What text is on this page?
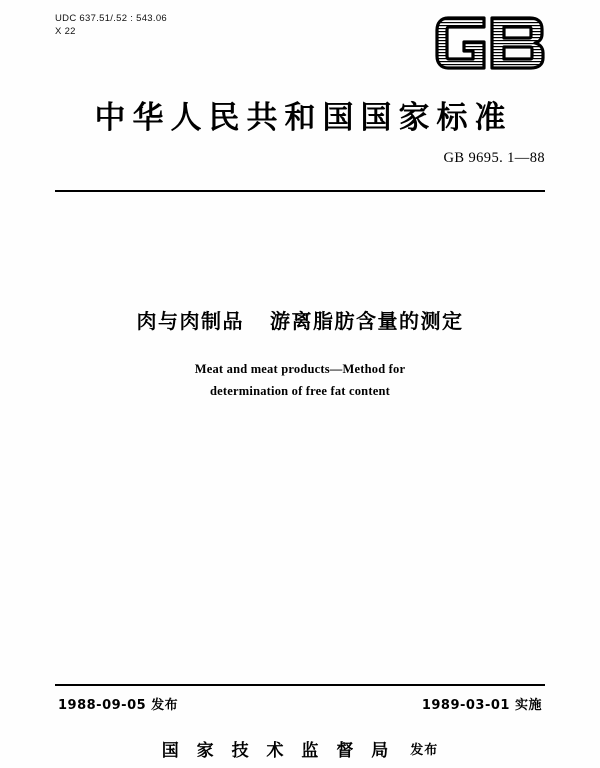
UDC 637.51/.52 : 543.06
X 22
中华人民共和国国家标准
GB 9695. 1—88
肉与肉制品 游离脂肪含量的测定
Meat and meat products—Method for
determination of free fat content
1988-09-05 发布	1989-03-01 实施
国 家 技 术 监 督 局 发布
